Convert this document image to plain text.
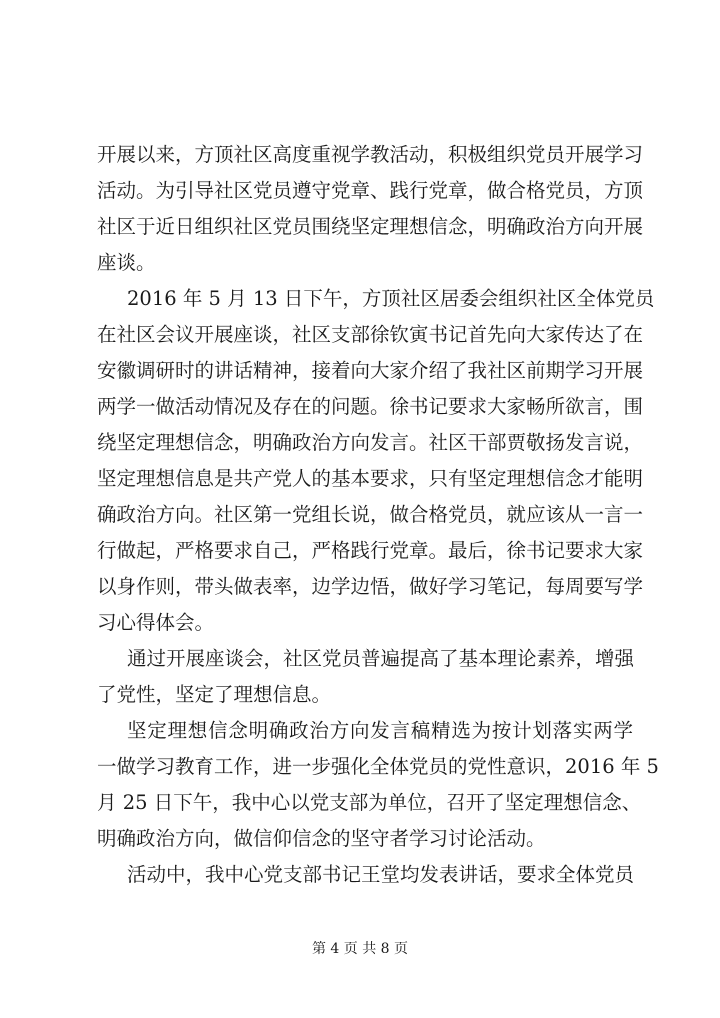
开展以来，方顶社区高度重视学教活动，积极组织党员开展学习
活动。为引导社区党员遵守党章、践行党章，做合格党员，方顶
社区于近日组织社区党员围绕坚定理想信念，明确政治方向开展
座谈。
2016 年 5 月 13 日下午，方顶社区居委会组织社区全体党员
在社区会议开展座谈，社区支部徐钦寅书记首先向大家传达了在
安徽调研时的讲话精神，接着向大家介绍了我社区前期学习开展
两学一做活动情况及存在的问题。徐书记要求大家畅所欲言，围
绕坚定理想信念，明确政治方向发言。社区干部贾敬扬发言说，
坚定理想信息是共产党人的基本要求，只有坚定理想信念才能明
确政治方向。社区第一党组长说，做合格党员，就应该从一言一
行做起，严格要求自己，严格践行党章。最后，徐书记要求大家
以身作则，带头做表率，边学边悟，做好学习笔记，每周要写学
习心得体会。
通过开展座谈会，社区党员普遍提高了基本理论素养，增强
了党性，坚定了理想信息。
坚定理想信念明确政治方向发言稿精选为按计划落实两学
一做学习教育工作，进一步强化全体党员的党性意识，2016 年 5
月 25 日下午，我中心以党支部为单位，召开了坚定理想信念、
明确政治方向，做信仰信念的坚守者学习讨论活动。
活动中，我中心党支部书记王堂均发表讲话，要求全体党员
第 4 页 共 8 页
